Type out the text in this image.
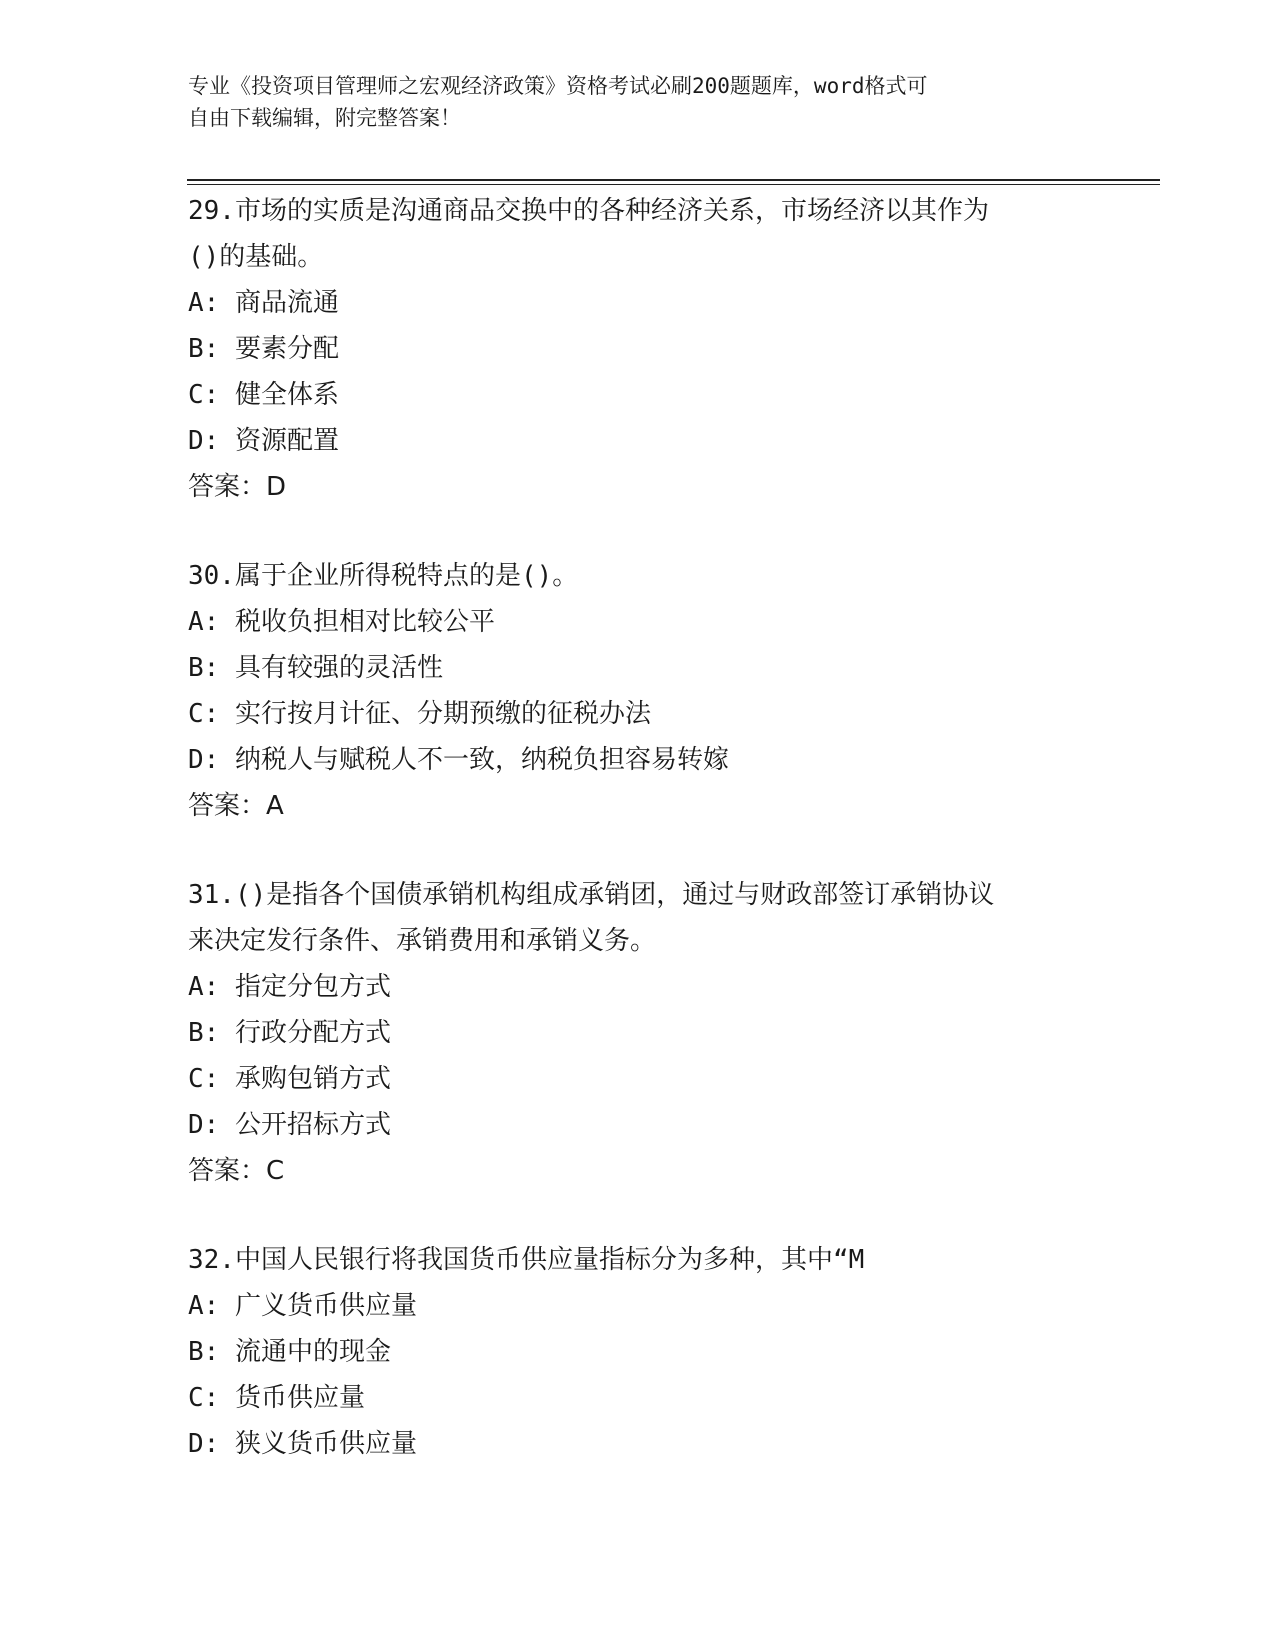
专业《投资项目管理师之宏观经济政策》资格考试必刷200题题库，word格式可
自由下载编辑，附完整答案！
29.市场的实质是沟通商品交换中的各种经济关系，市场经济以其作为
()的基础。
A: 商品流通
B: 要素分配
C: 健全体系
D: 资源配置
答案：D
30.属于企业所得税特点的是()。
A: 税收负担相对比较公平
B: 具有较强的灵活性
C: 实行按月计征、分期预缴的征税办法
D: 纳税人与赋税人不一致，纳税负担容易转嫁
答案：A
31.()是指各个国债承销机构组成承销团，通过与财政部签订承销协议
来决定发行条件、承销费用和承销义务。
A: 指定分包方式
B: 行政分配方式
C: 承购包销方式
D: 公开招标方式
答案：C
32.中国人民银行将我国货币供应量指标分为多种，其中“M
A: 广义货币供应量
B: 流通中的现金
C: 货币供应量
D: 狭义货币供应量
